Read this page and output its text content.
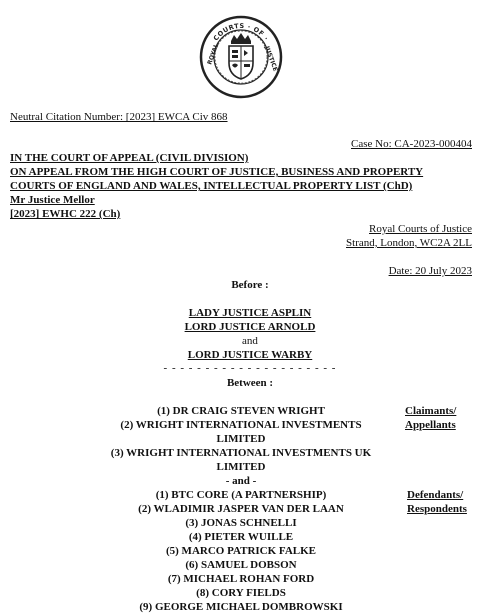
COURTS · OF ·
ROYAL	JUSTICE
· · · · · · ·
Neutral Citation Number: [2023] EWCA Civ 868
Case No: CA-2023-000404
IN THE COURT OF APPEAL (CIVIL DIVISION)
ON APPEAL FROM THE HIGH COURT OF JUSTICE, BUSINESS AND PROPERTY
COURTS OF ENGLAND AND WALES, INTELLECTUAL PROPERTY LIST (ChD)
Mr Justice Mellor
[2023] EWHC 222 (Ch)
Royal Courts of Justice
Strand, London, WC2A 2LL
Date: 20 July 2023
Before :
LADY JUSTICE ASPLIN
LORD JUSTICE ARNOLD
and
LORD JUSTICE WARBY
- - - - - - - - - - - - - - - - - - - - -
Between :
(1) DR CRAIG STEVEN WRIGHT
(2) WRIGHT INTERNATIONAL INVESTMENTS
LIMITED
(3) WRIGHT INTERNATIONAL INVESTMENTS UK
LIMITED
Claimants/
Appellants
- and -
(1) BTC CORE (A PARTNERSHIP)
(2) WLADIMIR JASPER VAN DER LAAN
(3) JONAS SCHNELLI
(4) PIETER WUILLE
(5) MARCO PATRICK FALKE
(6) SAMUEL DOBSON
(7) MICHAEL ROHAN FORD
(8) CORY FIELDS
(9) GEORGE MICHAEL DOMBROWSKI
Defendants/
Respondents
